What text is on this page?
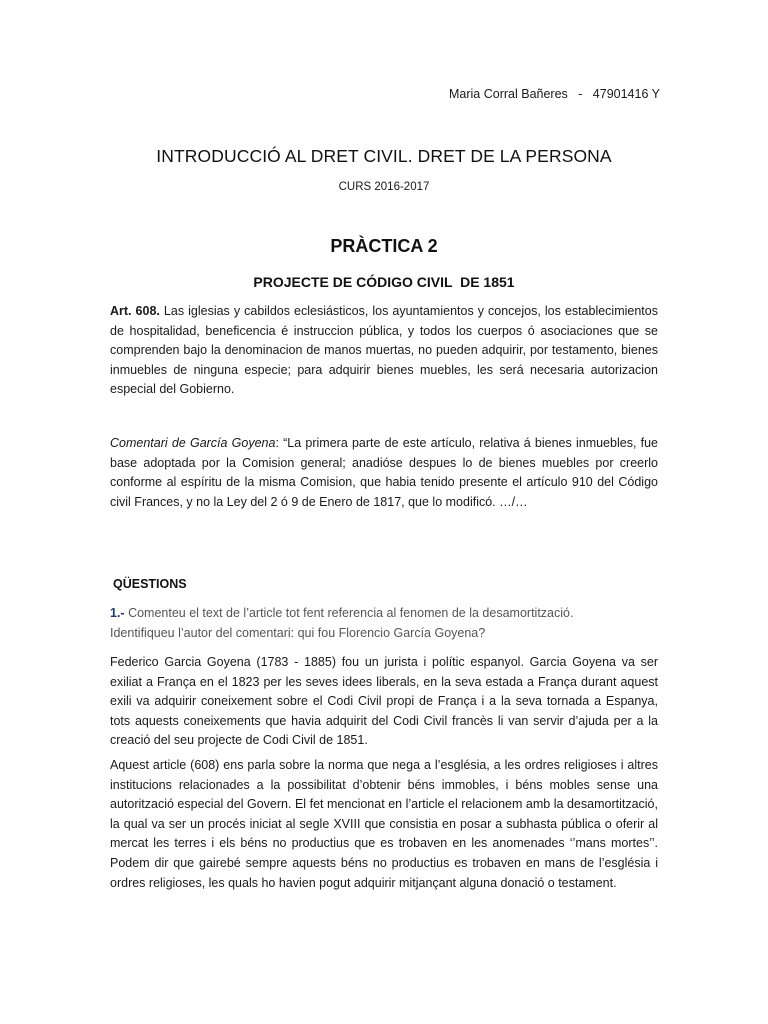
Maria Corral Bañeres   -   47901416 Y
INTRODUCCIÓ AL DRET CIVIL. DRET DE LA PERSONA
CURS 2016-2017
PRÀCTICA 2
PROJECTE DE CÓDIGO CIVIL  DE 1851

Art. 608. Las iglesias y cabildos eclesiásticos, los ayuntamientos y concejos, los establecimientos de hospitalidad, beneficencia é instruccion pública, y todos los cuerpos ó asociaciones que se comprenden bajo la denominacion de manos muertas, no pueden adquirir, por testamento, bienes inmuebles de ninguna especie; para adquirir bienes muebles, les será necesaria autorizacion especial del Gobierno.

Comentari de García Goyena: “La primera parte de este artículo, relativa á bienes inmuebles, fue base adoptada por la Comision general; anadióse despues lo de bienes muebles por creerlo conforme al espíritu de la misma Comision, que habia tenido presente el artículo 910 del Código civil Frances, y no la Ley del 2 ó 9 de Enero de 1817, que lo modificó. …/…

QÜESTIONS

1.- Comenteu el text de l’article tot fent referencia al fenomen de la desamortització.
Identifiqueu l’autor del comentari: qui fou Florencio García Goyena?

Federico Garcia Goyena (1783 - 1885) fou un jurista i polític espanyol. Garcia Goyena va ser exiliat a França en el 1823 per les seves idees liberals, en la seva estada a França durant aquest exili va adquirir coneixement sobre el Codi Civil propi de França i a la seva tornada a Espanya, tots aquests coneixements que havia adquirit del Codi Civil francès li van servir d’ajuda per a la creació del seu projecte de Codi Civil de 1851.

Aquest article (608) ens parla sobre la norma que nega a l’església, a les ordres religioses i altres institucions relacionades a la possibilitat d’obtenir béns immobles, i béns mobles sense una autorització especial del Govern. El fet mencionat en l’article el relacionem amb la desamortització, la qual va ser un procés iniciat al segle XVIII que consistia en posar a subhasta pública o oferir al mercat les terres i els béns no productius que es trobaven en les anomenades ‘’mans mortes’’. Podem dir que gairebé sempre aquests béns no productius es trobaven en mans de l’església i ordres religioses, les quals ho havien pogut adquirir mitjançant alguna donació o testament.
